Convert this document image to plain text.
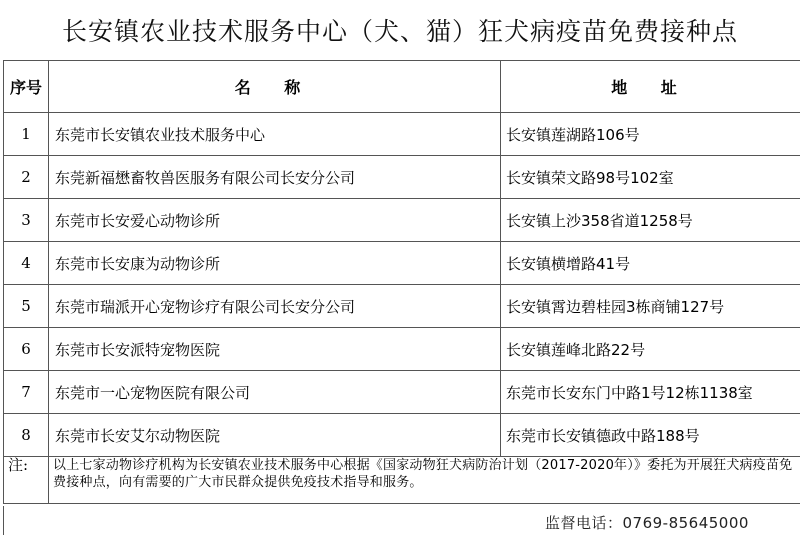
长安镇农业技术服务中心（犬、猫）狂犬病疫苗免费接种点
序号	名 称	地 址
1	东莞市长安镇农业技术服务中心	长安镇莲湖路106号
2	东莞新福懋畜牧兽医服务有限公司长安分公司	长安镇荣文路98号102室
3	东莞市长安爱心动物诊所	长安镇上沙358省道1258号
4	东莞市长安康为动物诊所	长安镇横增路41号
5	东莞市瑞派开心宠物诊疗有限公司长安分公司	长安镇霄边碧桂园3栋商铺127号
6	东莞市长安派特宠物医院	长安镇莲峰北路22号
7	东莞市一心宠物医院有限公司	东莞市长安东门中路1号12栋1138室
8	东莞市长安艾尔动物医院	东莞市长安镇德政中路188号
注:	以上七家动物诊疗机构为长安镇农业技术服务中心根据《国家动物狂犬病防治计划（2017-2020年）》委托为开展狂犬病疫苗免费接种点，向有需要的广大市民群众提供免疫技术指导和服务。	
监督电话：0769-85645000
